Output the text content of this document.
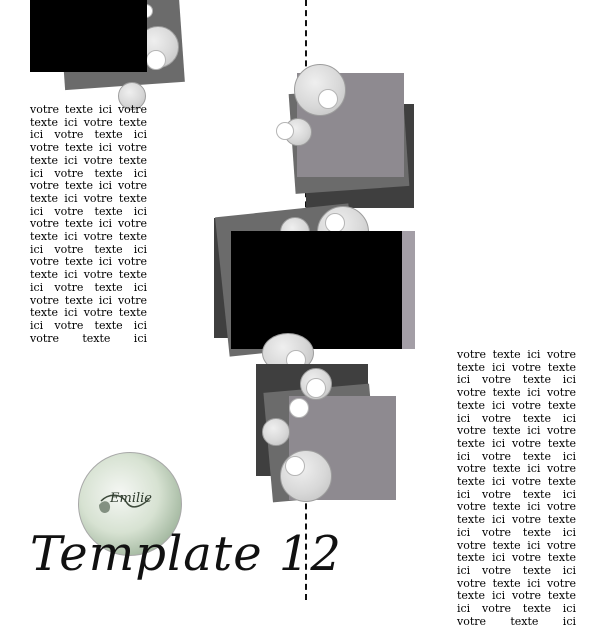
votre texte ici votre
texte ici votre texte
ici votre texte ici
votre texte ici votre
texte ici votre texte
ici votre texte ici
votre texte ici votre
texte ici votre texte
ici votre texte ici
votre texte ici votre
texte ici votre texte
ici votre texte ici
votre texte ici votre
texte ici votre texte
ici votre texte ici
votre texte ici votre
texte ici votre texte
ici votre texte ici
votre texte ici
votre texte ici votre
texte ici votre texte
ici votre texte ici
votre texte ici votre
texte ici votre texte
ici votre texte ici
votre texte ici votre
texte ici votre texte
ici votre texte ici
votre texte ici votre
texte ici votre texte
ici votre texte ici
votre texte ici votre
texte ici votre texte
ici votre texte ici
votre texte ici votre
texte ici votre texte
ici votre texte ici
votre texte ici votre
texte ici votre texte
ici votre texte ici
votre texte ici
Emilie
Template 12
